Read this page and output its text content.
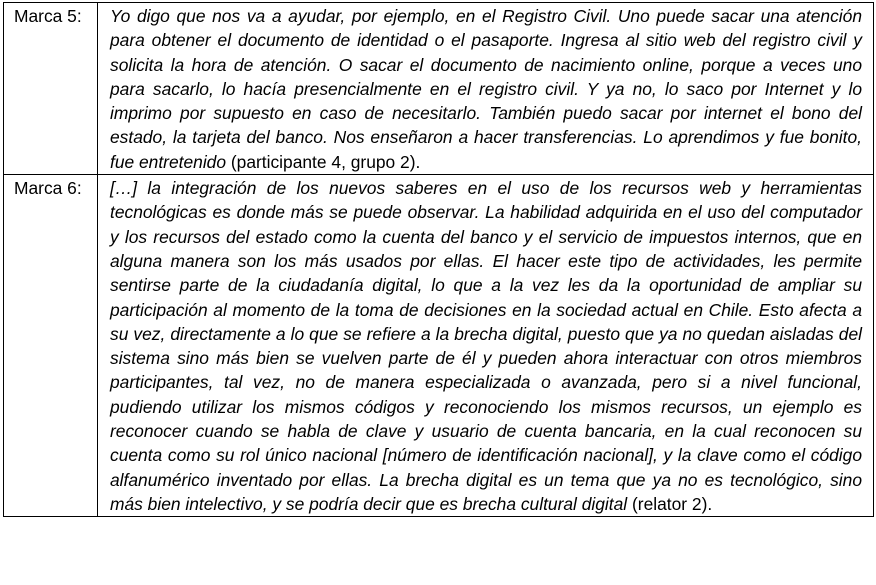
Marca 5:	Yo digo que nos va a ayudar, por ejemplo, en el Registro Civil. Uno puede sacar una atención para obtener el documento de identidad o el pasaporte. Ingresa al sitio web del registro civil y solicita la hora de atención. O sacar el documento de nacimiento online, porque a veces uno para sacarlo, lo hacía presencialmente en el registro civil. Y ya no, lo saco por Internet y lo imprimo por supuesto en caso de necesitarlo. También puedo sacar por internet el bono del estado, la tarjeta del banco. Nos enseñaron a hacer transferencias. Lo aprendimos y fue bonito, fue entretenido (participante 4, grupo 2).
Marca 6:	[…] la integración de los nuevos saberes en el uso de los recursos web y herramientas tecnológicas es donde más se puede observar. La habilidad adquirida en el uso del computador y los recursos del estado como la cuenta del banco y el servicio de impuestos internos, que en alguna manera son los más usados por ellas. El hacer este tipo de actividades, les permite sentirse parte de la ciudadanía digital, lo que a la vez les da la oportunidad de ampliar su participación al momento de la toma de decisiones en la sociedad actual en Chile. Esto afecta a su vez, directamente a lo que se refiere a la brecha digital, puesto que ya no quedan aisladas del sistema sino más bien se vuelven parte de él y pueden ahora interactuar con otros miembros participantes, tal vez, no de manera especializada o avanzada, pero si a nivel funcional, pudiendo utilizar los mismos códigos y reconociendo los mismos recursos, un ejemplo es reconocer cuando se habla de clave y usuario de cuenta bancaria, en la cual reconocen su cuenta como su rol único nacional [número de identificación nacional], y la clave como el código alfanumérico inventado por ellas. La brecha digital es un tema que ya no es tecnológico, sino más bien intelectivo, y se podría decir que es brecha cultural digital (relator 2).
